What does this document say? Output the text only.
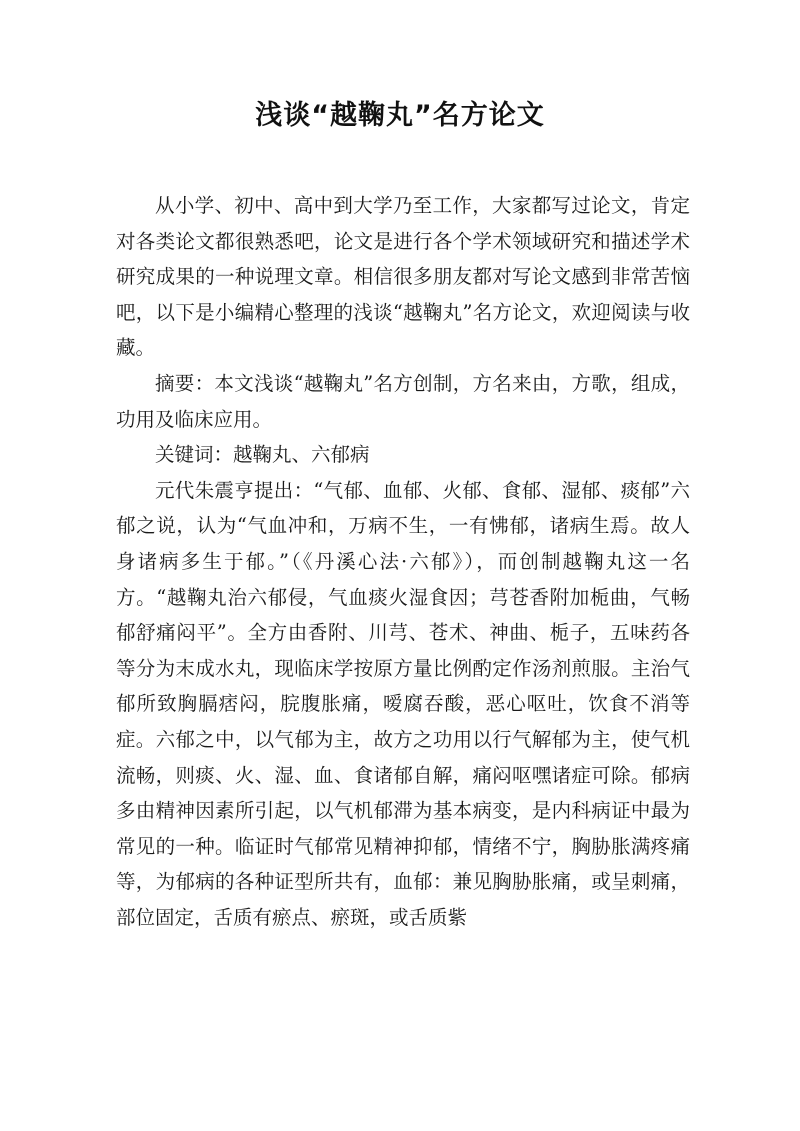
浅谈“越鞠丸”名方论文

从小学、初中、高中到大学乃至工作，大家都写过论文，肯定对各类论文都很熟悉吧，论文是进行各个学术领域研究和描述学术研究成果的一种说理文章。相信很多朋友都对写论文感到非常苦恼吧，以下是小编精心整理的浅谈“越鞠丸”名方论文，欢迎阅读与收藏。

摘要：本文浅谈“越鞠丸”名方创制，方名来由，方歌，组成，功用及临床应用。

关键词：越鞠丸、六郁病

元代朱震亨提出：“气郁、血郁、火郁、食郁、湿郁、痰郁”六郁之说，认为“气血冲和，万病不生，一有怫郁，诸病生焉。故人身诸病多生于郁。”（《丹溪心法·六郁》），而创制越鞠丸这一名方。“越鞠丸治六郁侵，气血痰火湿食因；芎苍香附加栀曲，气畅郁舒痛闷平”。全方由香附、川芎、苍术、神曲、栀子，五味药各等分为末成水丸，现临床学按原方量比例酌定作汤剂煎服。主治气郁所致胸膈痞闷，脘腹胀痛，嗳腐吞酸，恶心呕吐，饮食不消等症。六郁之中，以气郁为主，故方之功用以行气解郁为主，使气机流畅，则痰、火、湿、血、食诸郁自解，痛闷呕嘿诸症可除。郁病多由精神因素所引起，以气机郁滞为基本病变，是内科病证中最为常见的一种。临证时气郁常见精神抑郁，情绪不宁，胸胁胀满疼痛等，为郁病的各种证型所共有，血郁：兼见胸胁胀痛，或呈刺痛，部位固定，舌质有瘀点、瘀斑，或舌质紫
